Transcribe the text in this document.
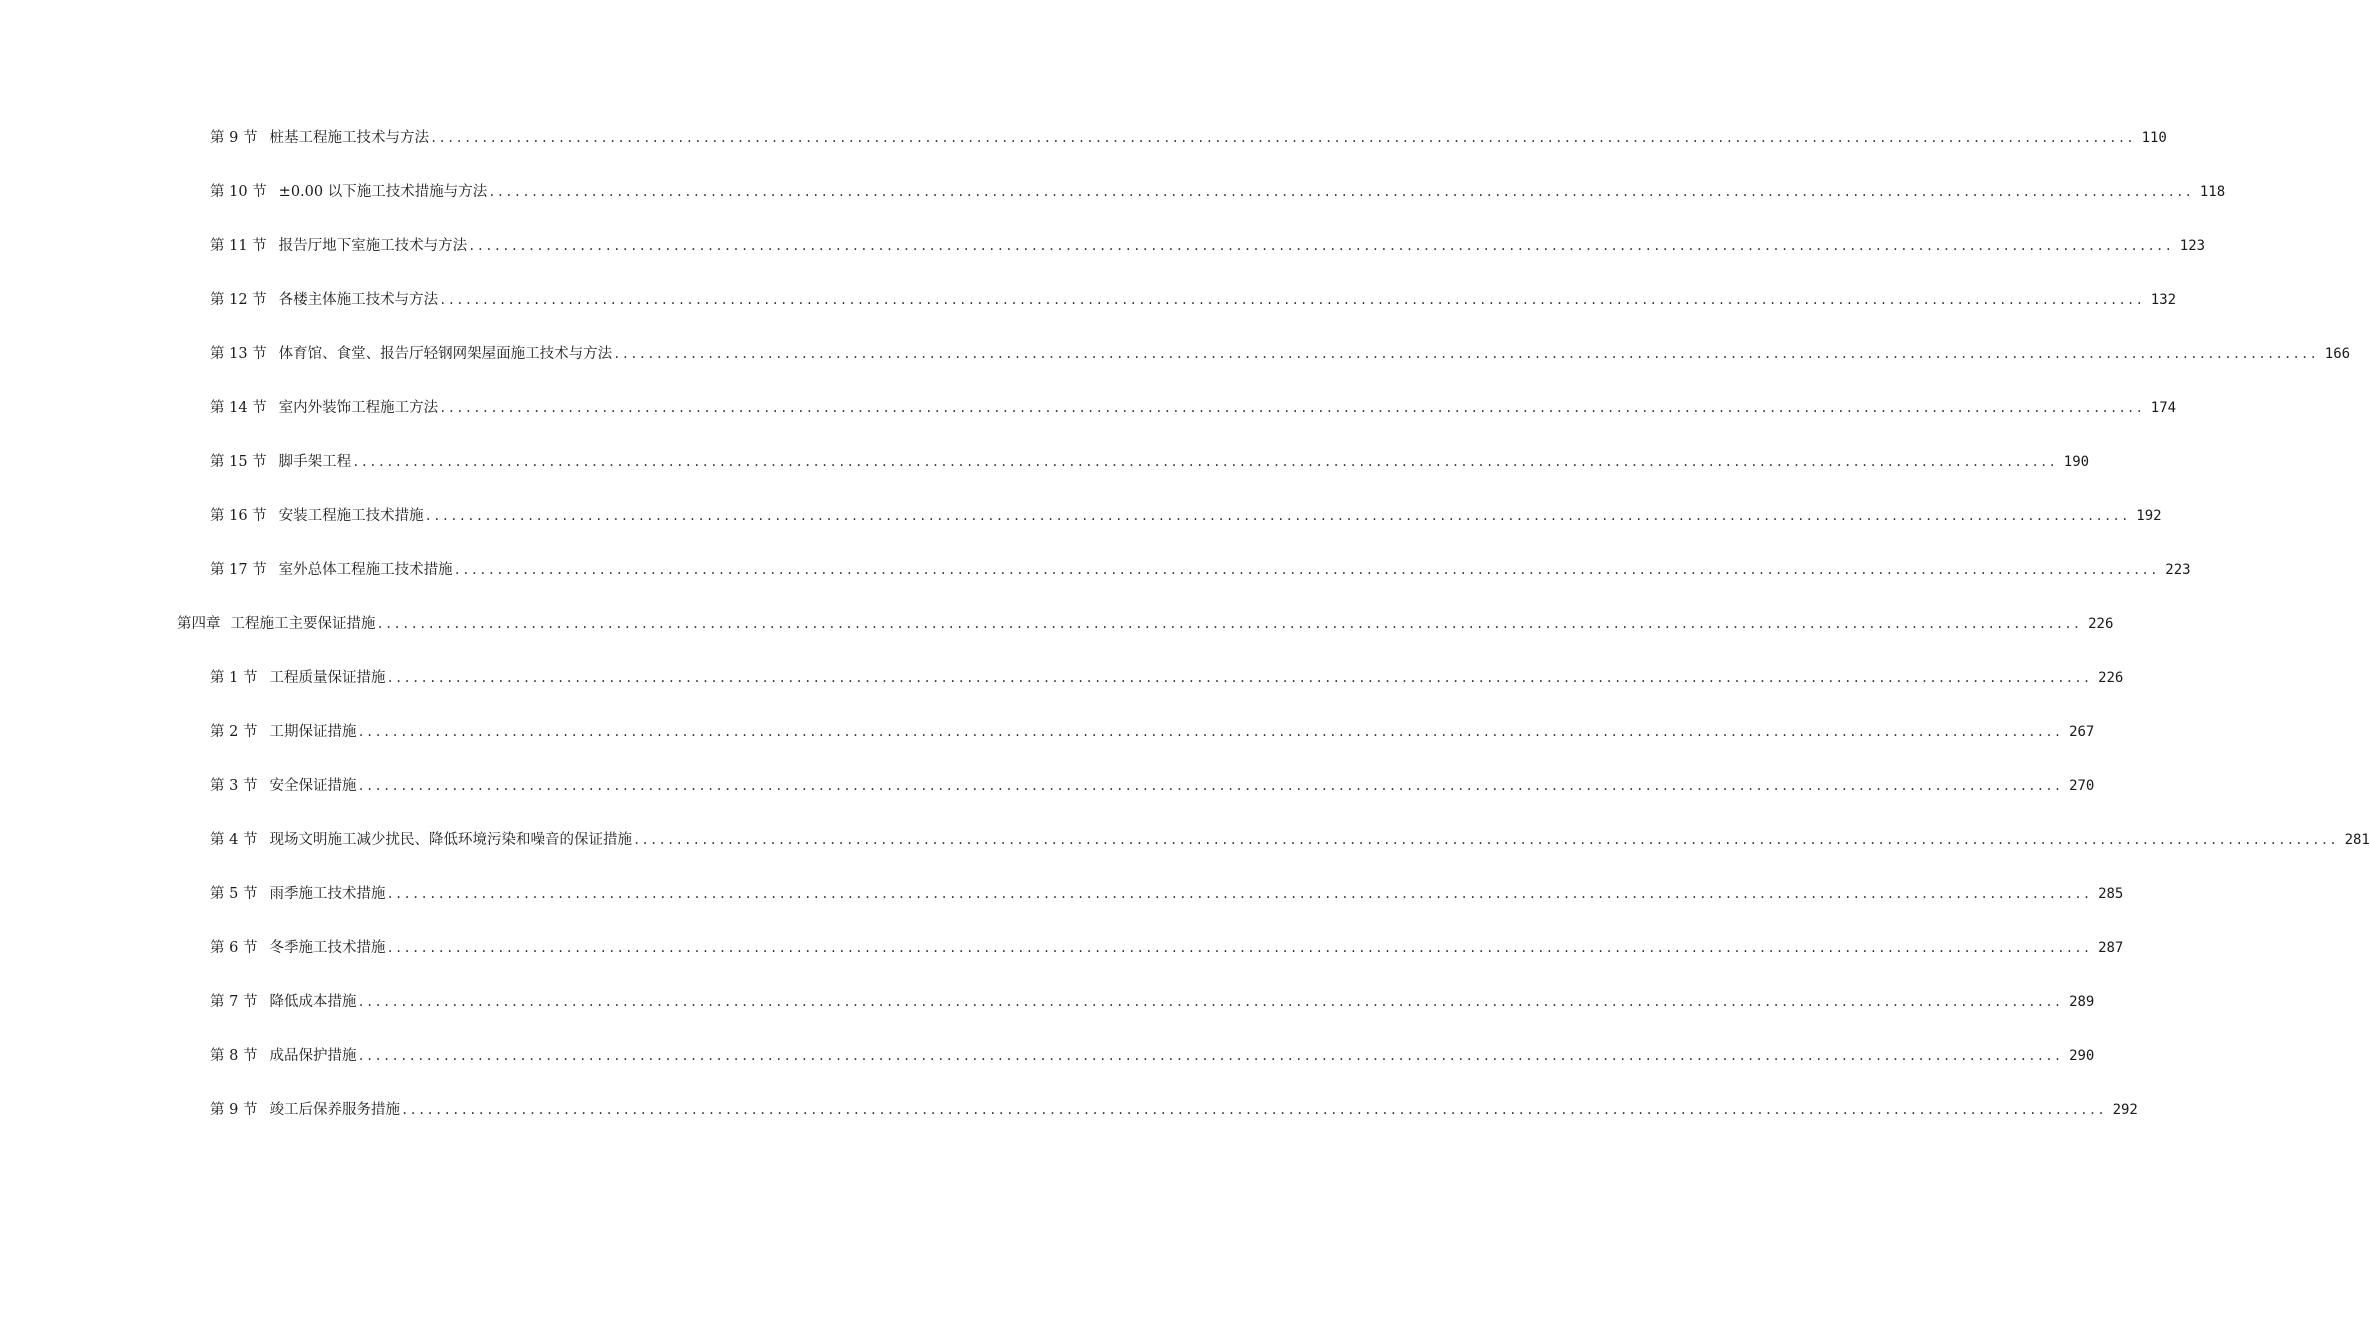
第 9 节 桩基工程施工技术与方法 ........................................................................................................................................................................................................ 110
第 10 节 ±0.00 以下施工技术措施与方法 ........................................................................................................................................................................................................ 118
第 11 节 报告厅地下室施工技术与方法 ........................................................................................................................................................................................................ 123
第 12 节 各楼主体施工技术与方法 ........................................................................................................................................................................................................ 132
第 13 节 体育馆、食堂、报告厅轻钢网架屋面施工技术与方法 ........................................................................................................................................................................................................ 166
第 14 节 室内外装饰工程施工方法 ........................................................................................................................................................................................................ 174
第 15 节 脚手架工程 ........................................................................................................................................................................................................ 190
第 16 节 安装工程施工技术措施 ........................................................................................................................................................................................................ 192
第 17 节 室外总体工程施工技术措施 ........................................................................................................................................................................................................ 223
第四章 工程施工主要保证措施 ........................................................................................................................................................................................................ 226
第 1 节 工程质量保证措施 ........................................................................................................................................................................................................ 226
第 2 节 工期保证措施 ........................................................................................................................................................................................................ 267
第 3 节 安全保证措施 ........................................................................................................................................................................................................ 270
第 4 节 现场文明施工减少扰民、降低环境污染和噪音的保证措施 ........................................................................................................................................................................................................ 281
第 5 节 雨季施工技术措施 ........................................................................................................................................................................................................ 285
第 6 节 冬季施工技术措施 ........................................................................................................................................................................................................ 287
第 7 节 降低成本措施 ........................................................................................................................................................................................................ 289
第 8 节 成品保护措施 ........................................................................................................................................................................................................ 290
第 9 节 竣工后保养服务措施 ........................................................................................................................................................................................................ 292
